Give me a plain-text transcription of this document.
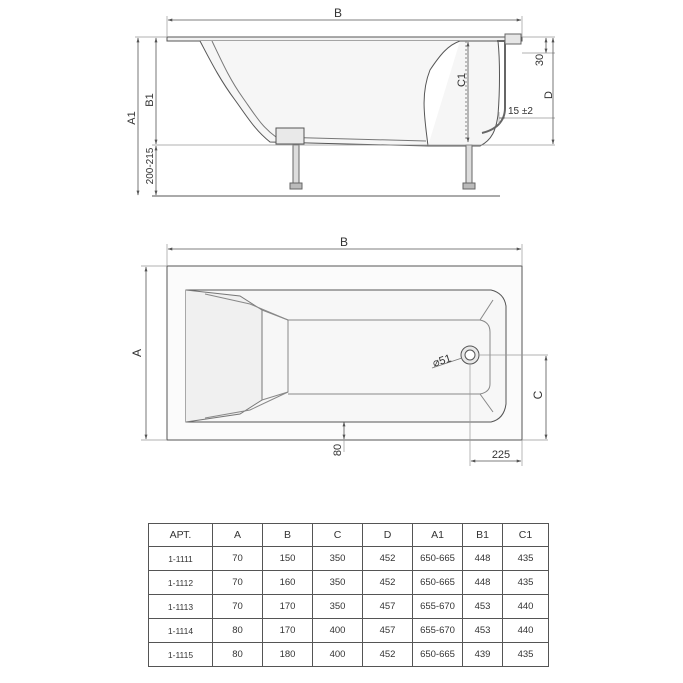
B
A1
B1
200-215
C1
30
D
15 ±2
B
A
C
⌀51
80	225
АРТ.	A	B	C	D	A1	B1	C1
1-1111	70	150	350	452	650-665	448	435
1-1112	70	160	350	452	650-665	448	435
1-1113	70	170	350	457	655-670	453	440
1-1114	80	170	400	457	655-670	453	440
1-1115	80	180	400	452	650-665	439	435
